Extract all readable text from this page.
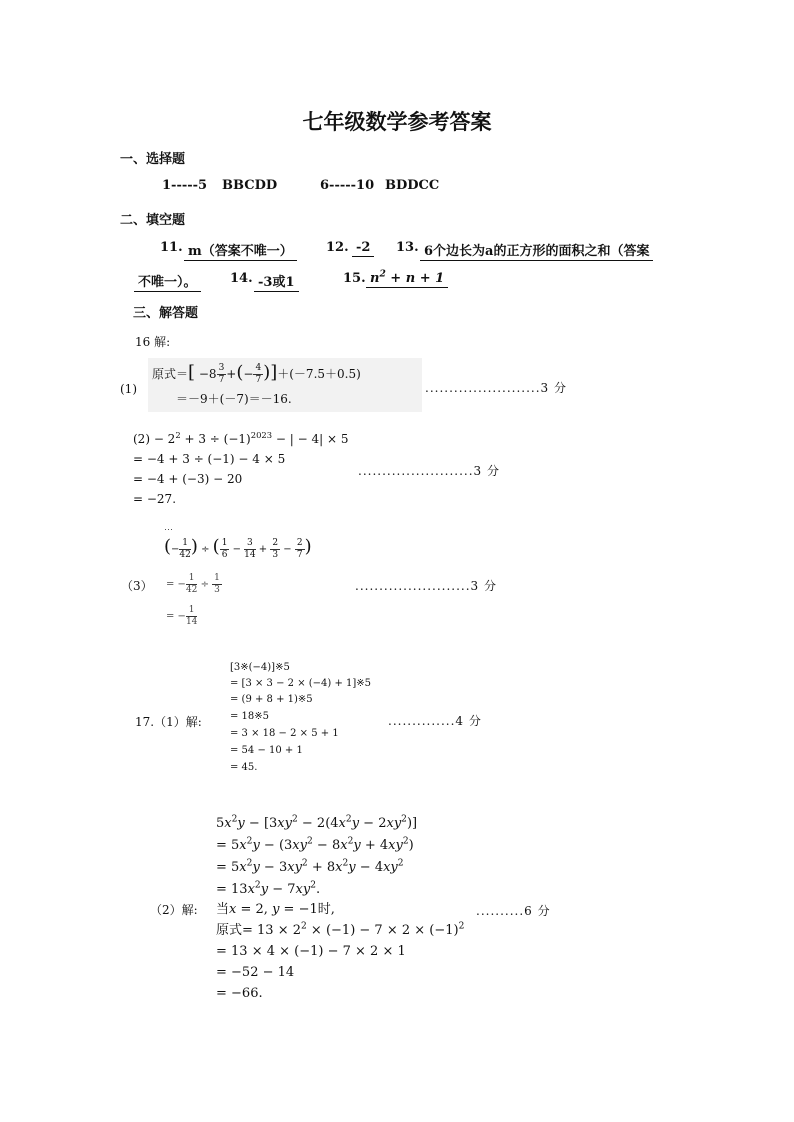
七年级数学参考答案
一、选择题
1-----5 BBCDD	6-----10 BDDCC
二、填空题
11. m（答案不唯一）	12. -2	13. 6个边长为a的正方形的面积之和（答案
不唯一）。	14. -3或1	15. $n^2 + n + 1$
三、解答题
16 解:
(1)
原式＝[ $-8 \frac{3}{7}$ +(− $\frac{4}{7} )]+(-7.5+0.5)$
＝－9＋(－7)＝－16.
........................3 分
$(2) - 2^2 + 3 \div (-1)^{2023}$ − | − 4| × 5
= −4 + 3 ÷ (−1) − 4 × 5
= −4 + (−3) − 20
= −27.
........................3 分
⋯
(− $\frac{1}{42}$ ) ÷ ( $\frac{1}{6} - \frac{3}{14} + \frac{2}{3} - \frac{2}{7}$ )
（3） = − $\frac{1}{42} \div \frac{1}{3}$
= − $\frac{1}{14}$
........................3 分
[3※(−4)]※5
= [3 × 3 − 2 × (−4) + 1]※5
= (9 + 8 + 1)※5
= 18※5
= 3 × 18 − 2 × 5 + 1
= 54 − 10 + 1
= 45.
17.（1）解:	..............4 分
$5x^2y - [3xy^2 - 2(4x^2y - 2xy^2)]$
= $5x^2y - (3xy^2 - 8x^2y + 4xy^2)$
= $5x^2y - 3xy^2 + 8x^2y - 4xy^2$
= $13x^2y - 7xy^2$.
（2）解: 当x = 2, y = −1时,	..........6 分
原式= $13 \times 2^2 \times (-1) - 7 \times 2 \times (-1)^2$
= 13 × 4 × (−1) − 7 × 2 × 1
= −52 − 14
= −66.
